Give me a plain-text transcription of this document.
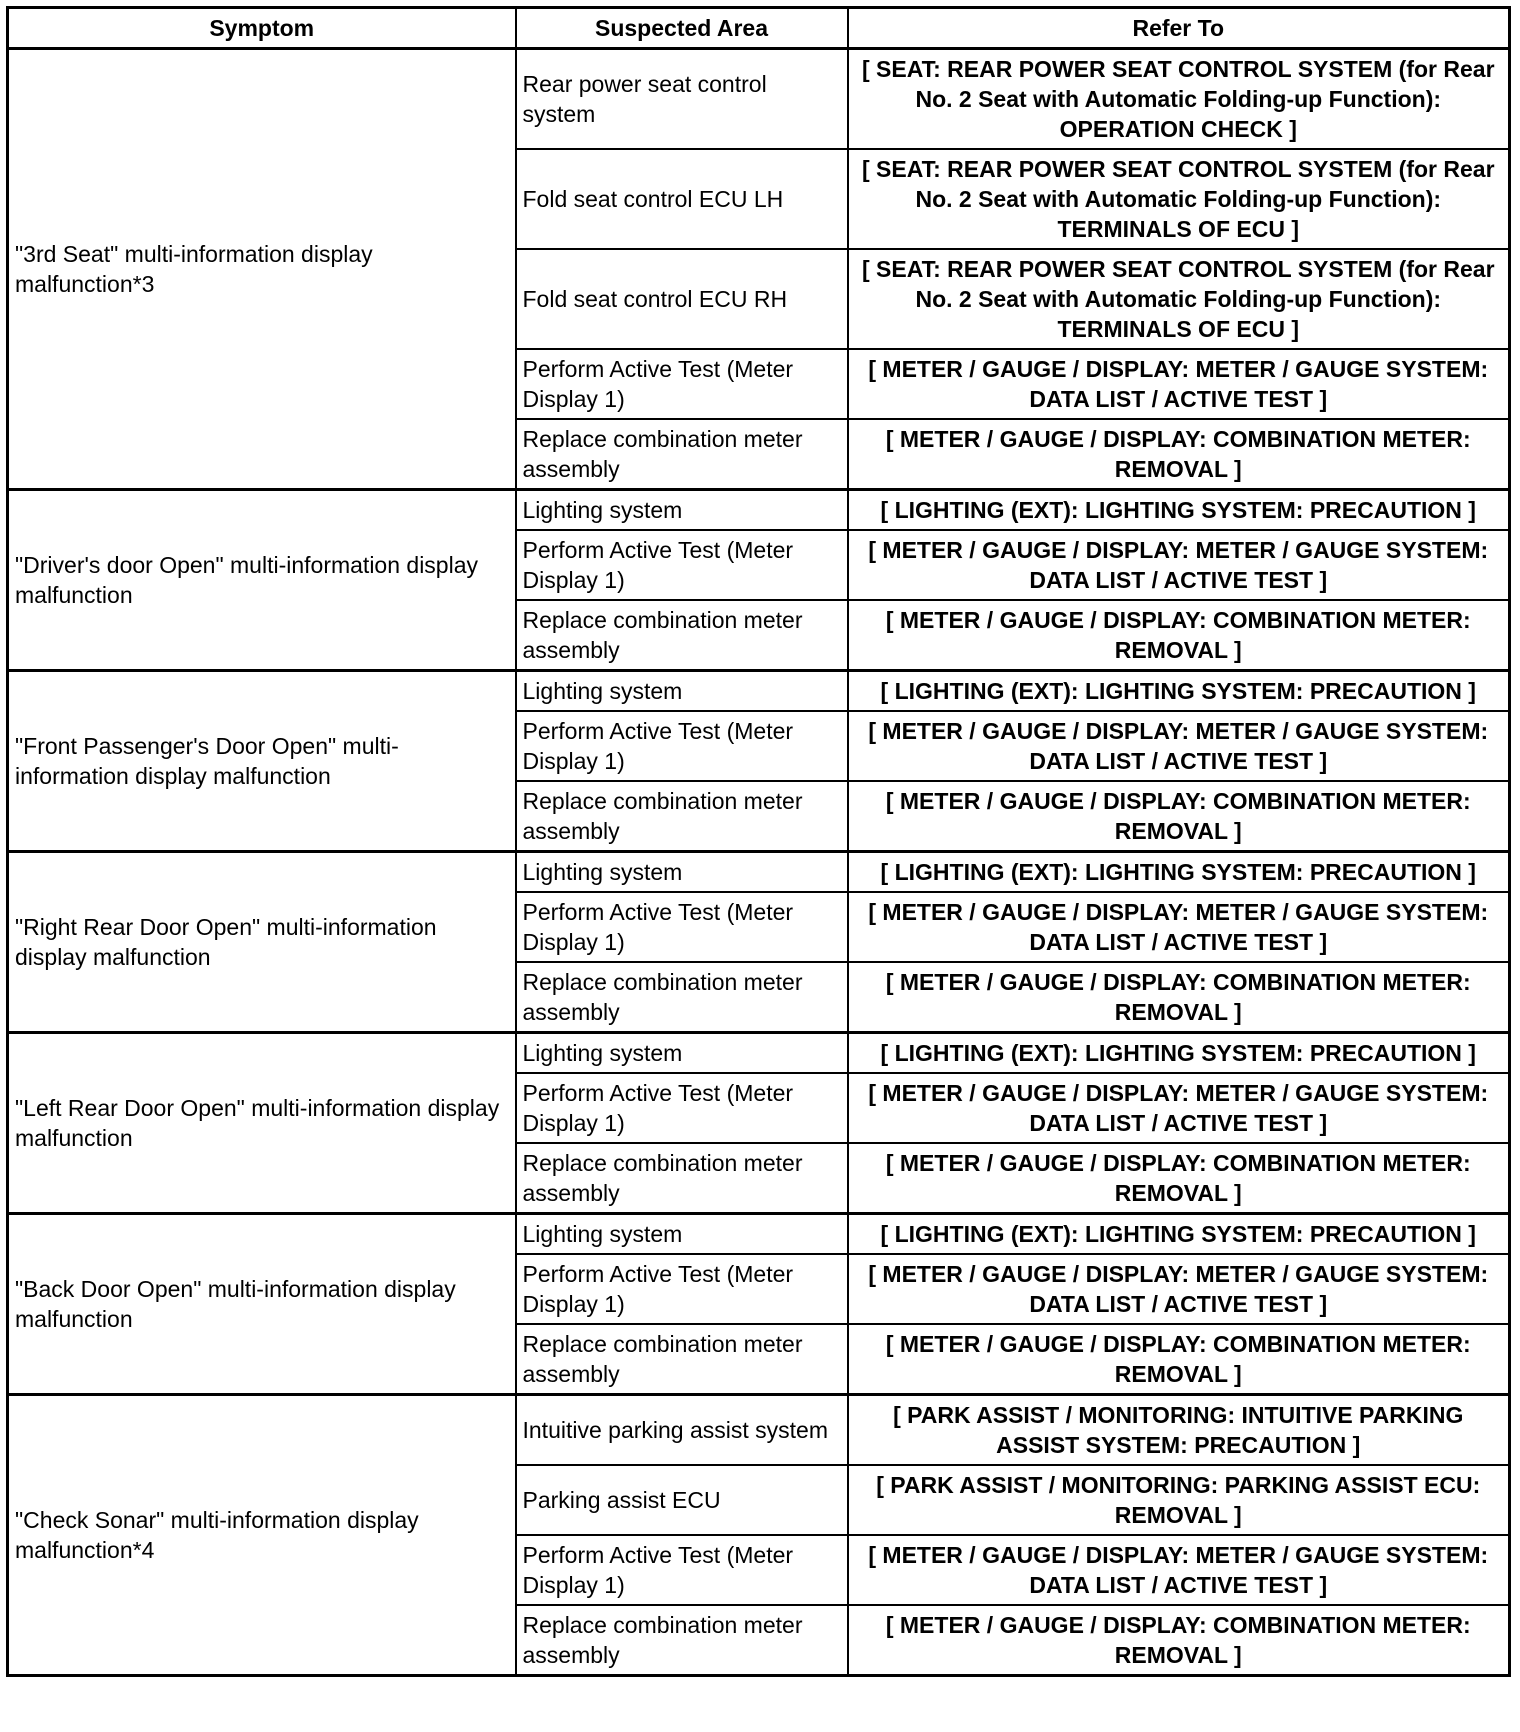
Symptom	Suspected Area	Refer To
"3rd Seat" multi-information display malfunction*3	Rear power seat control system	[ SEAT: REAR POWER SEAT CONTROL SYSTEM (for Rear No. 2 Seat with Automatic Folding-up Function): OPERATION CHECK ]
	Fold seat control ECU LH	[ SEAT: REAR POWER SEAT CONTROL SYSTEM (for Rear No. 2 Seat with Automatic Folding-up Function): TERMINALS OF ECU ]
	Fold seat control ECU RH	[ SEAT: REAR POWER SEAT CONTROL SYSTEM (for Rear No. 2 Seat with Automatic Folding-up Function): TERMINALS OF ECU ]
	Perform Active Test (Meter Display 1)	[ METER / GAUGE / DISPLAY: METER / GAUGE SYSTEM: DATA LIST / ACTIVE TEST ]
	Replace combination meter assembly	[ METER / GAUGE / DISPLAY: COMBINATION METER: REMOVAL ]
"Driver's door Open" multi-information display malfunction	Lighting system	[ LIGHTING (EXT): LIGHTING SYSTEM: PRECAUTION ]
	Perform Active Test (Meter Display 1)	[ METER / GAUGE / DISPLAY: METER / GAUGE SYSTEM: DATA LIST / ACTIVE TEST ]
	Replace combination meter assembly	[ METER / GAUGE / DISPLAY: COMBINATION METER: REMOVAL ]
"Front Passenger's Door Open" multi-information display malfunction	Lighting system	[ LIGHTING (EXT): LIGHTING SYSTEM: PRECAUTION ]
	Perform Active Test (Meter Display 1)	[ METER / GAUGE / DISPLAY: METER / GAUGE SYSTEM: DATA LIST / ACTIVE TEST ]
	Replace combination meter assembly	[ METER / GAUGE / DISPLAY: COMBINATION METER: REMOVAL ]
"Right Rear Door Open" multi-information display malfunction	Lighting system	[ LIGHTING (EXT): LIGHTING SYSTEM: PRECAUTION ]
	Perform Active Test (Meter Display 1)	[ METER / GAUGE / DISPLAY: METER / GAUGE SYSTEM: DATA LIST / ACTIVE TEST ]
	Replace combination meter assembly	[ METER / GAUGE / DISPLAY: COMBINATION METER: REMOVAL ]
"Left Rear Door Open" multi-information display malfunction	Lighting system	[ LIGHTING (EXT): LIGHTING SYSTEM: PRECAUTION ]
	Perform Active Test (Meter Display 1)	[ METER / GAUGE / DISPLAY: METER / GAUGE SYSTEM: DATA LIST / ACTIVE TEST ]
	Replace combination meter assembly	[ METER / GAUGE / DISPLAY: COMBINATION METER: REMOVAL ]
"Back Door Open" multi-information display malfunction	Lighting system	[ LIGHTING (EXT): LIGHTING SYSTEM: PRECAUTION ]
	Perform Active Test (Meter Display 1)	[ METER / GAUGE / DISPLAY: METER / GAUGE SYSTEM: DATA LIST / ACTIVE TEST ]
	Replace combination meter assembly	[ METER / GAUGE / DISPLAY: COMBINATION METER: REMOVAL ]
"Check Sonar" multi-information display malfunction*4	Intuitive parking assist system	[ PARK ASSIST / MONITORING: INTUITIVE PARKING ASSIST SYSTEM: PRECAUTION ]
	Parking assist ECU	[ PARK ASSIST / MONITORING: PARKING ASSIST ECU: REMOVAL ]
	Perform Active Test (Meter Display 1)	[ METER / GAUGE / DISPLAY: METER / GAUGE SYSTEM: DATA LIST / ACTIVE TEST ]
	Replace combination meter assembly	[ METER / GAUGE / DISPLAY: COMBINATION METER: REMOVAL ]
